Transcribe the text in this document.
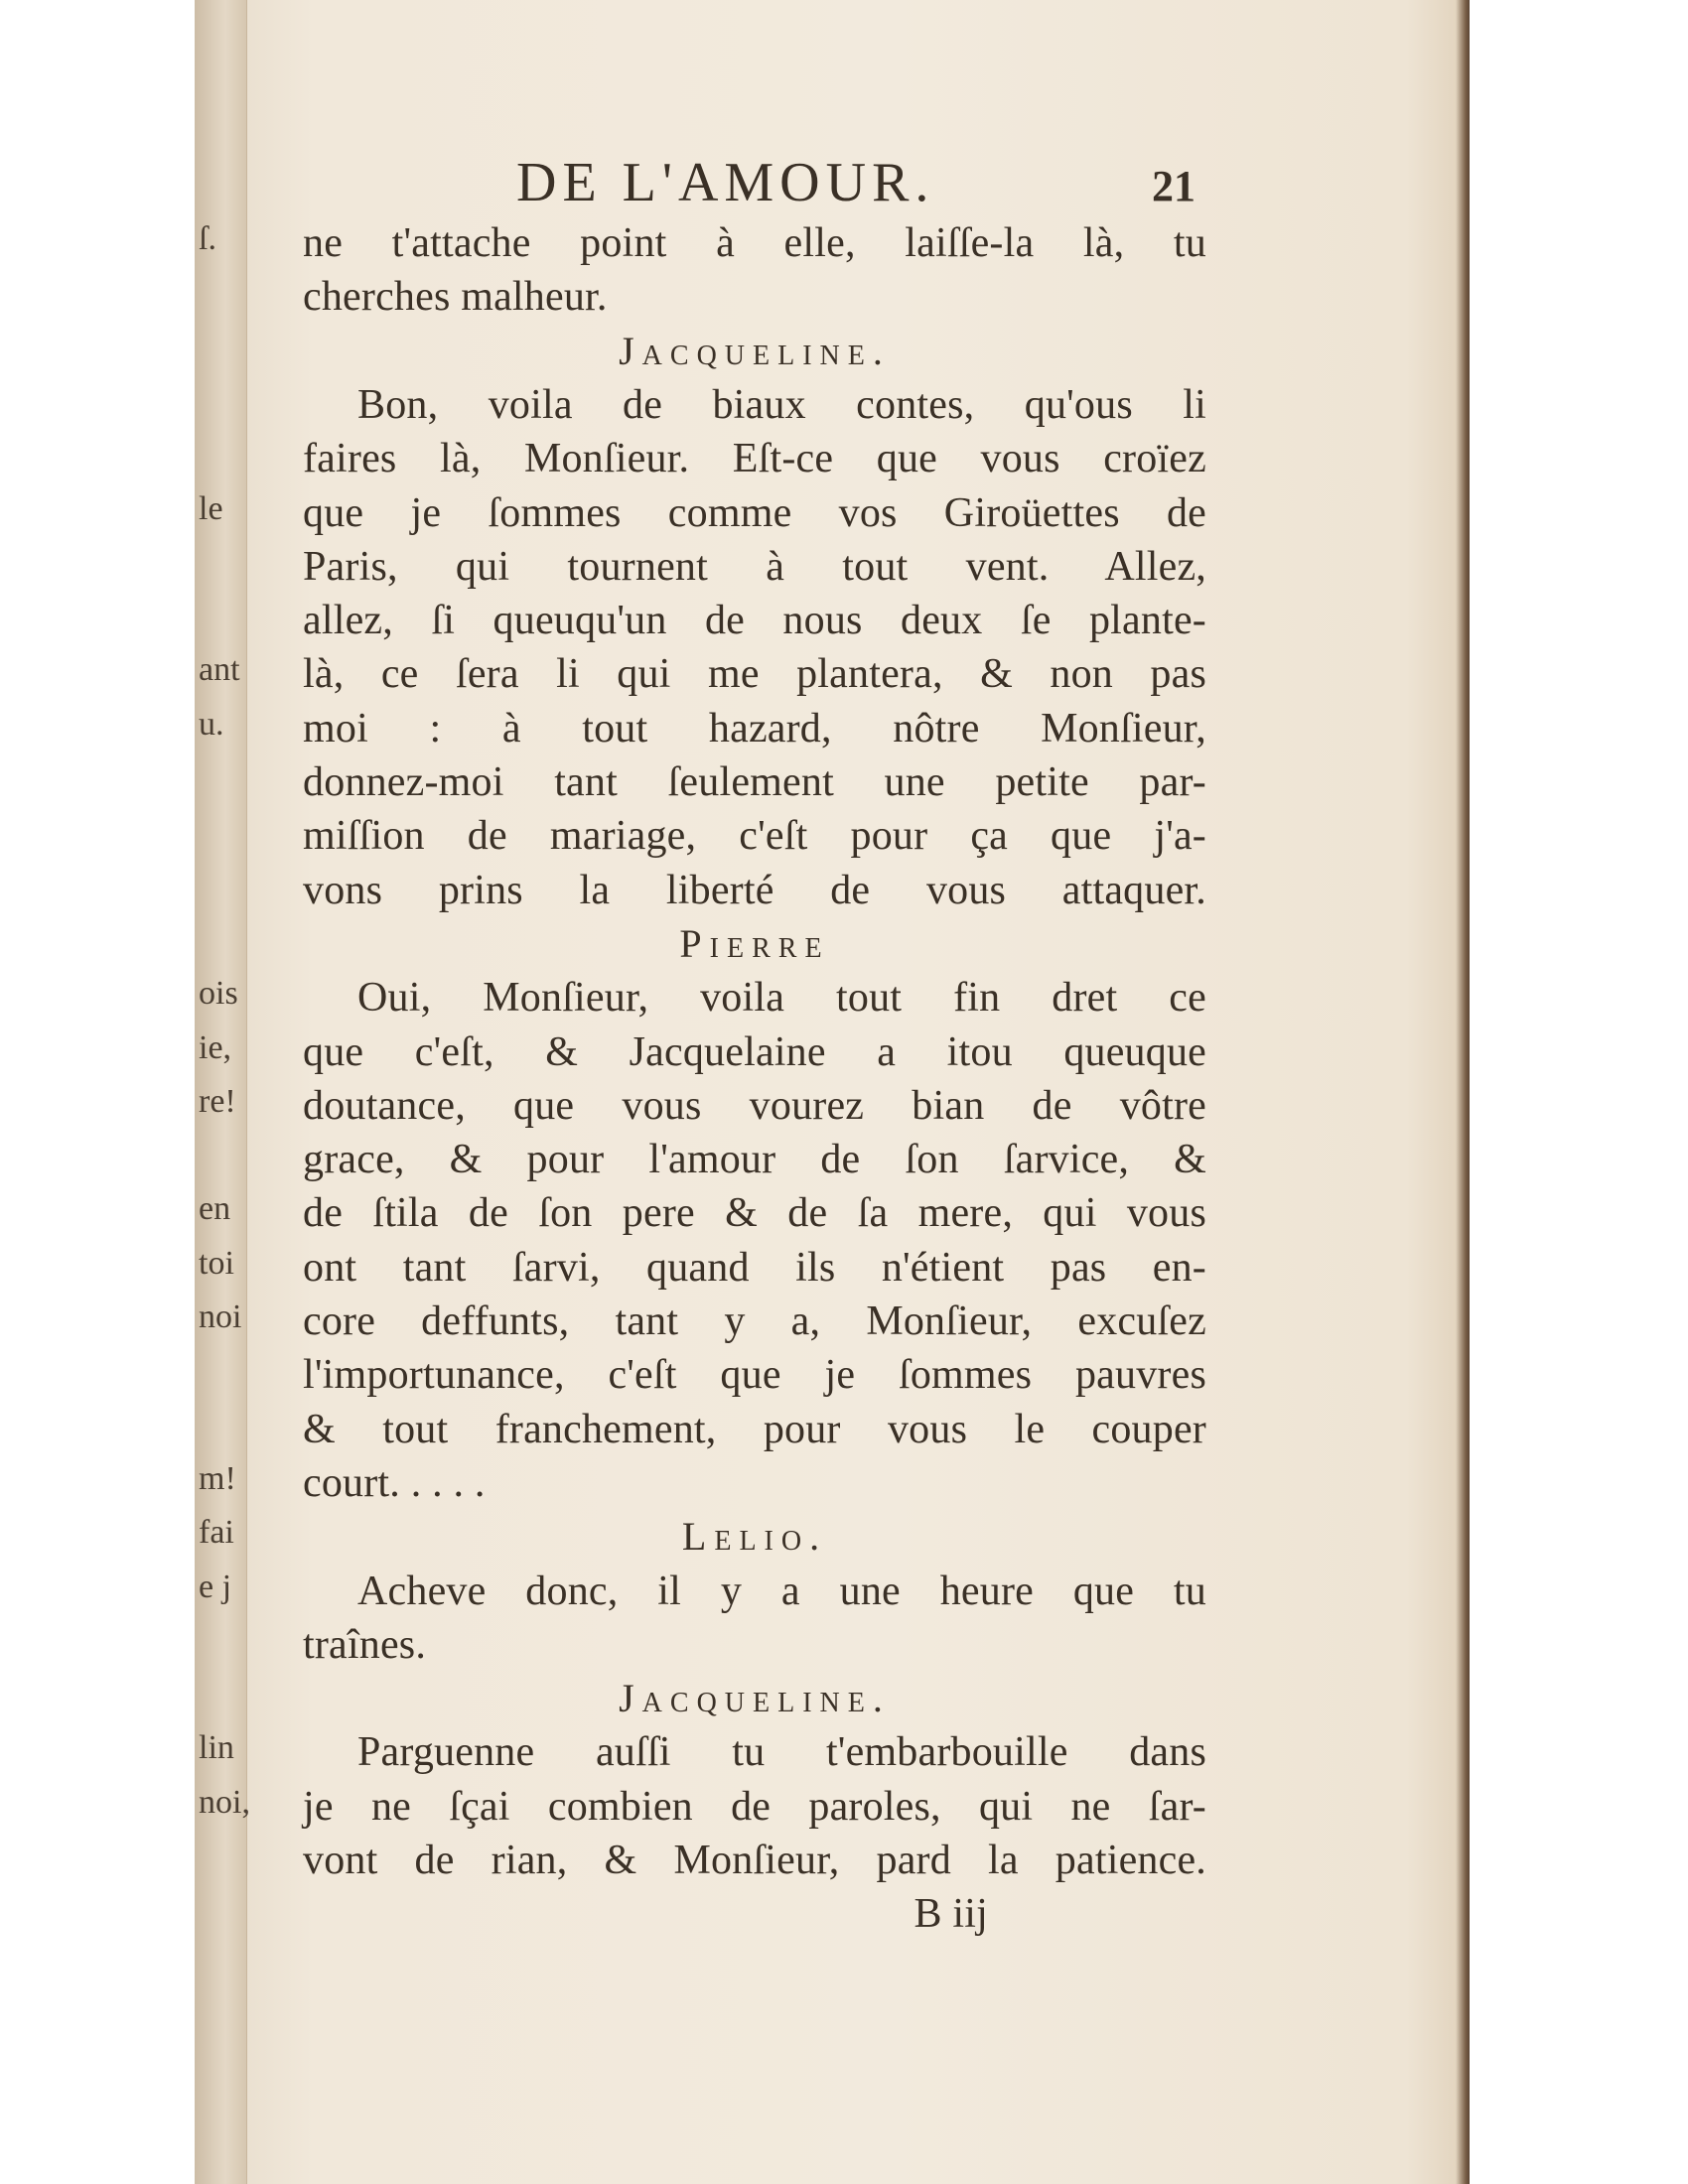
DE L'AMOUR.	21
ne t'attache point à elle, laiſſe-la là, tu
cherches malheur.
Jacqueline.
Bon, voila de biaux contes, qu'ous li
faires là, Monſieur. Eſt-ce que vous croïez
que je ſommes comme vos Giroüettes de
Paris, qui tournent à tout vent. Allez,
allez, ſi queuqu'un de nous deux ſe plante-
là, ce ſera li qui me plantera, & non pas
moi : à tout hazard, nôtre Monſieur,
donnez-moi tant ſeulement une petite par-
miſſion de mariage, c'eſt pour ça que j'a-
vons prins la liberté de vous attaquer.
Pierre
Oui, Monſieur, voila tout fin dret ce
que c'eſt, & Jacquelaine a itou queuque
doutance, que vous vourez bian de vôtre
grace, & pour l'amour de ſon ſarvice, &
de ſtila de ſon pere & de ſa mere, qui vous
ont tant ſarvi, quand ils n'étient pas en-
core deffunts, tant y a, Monſieur, excuſez
l'importunance, c'eſt que je ſommes pauvres
& tout franchement, pour vous le couper
court. . . . .
Lelio.
Acheve donc, il y a une heure que tu
traînes.
Jacqueline.
Parguenne auſſi tu t'embarbouille dans
je ne ſçai combien de paroles, qui ne ſar-
vont de rian, & Monſieur, pard la patience.
B iij
ſ.
le
ant
u.
ois
ie,
re!
en
toi
noi
m!
fai
e j
lin
noi,
